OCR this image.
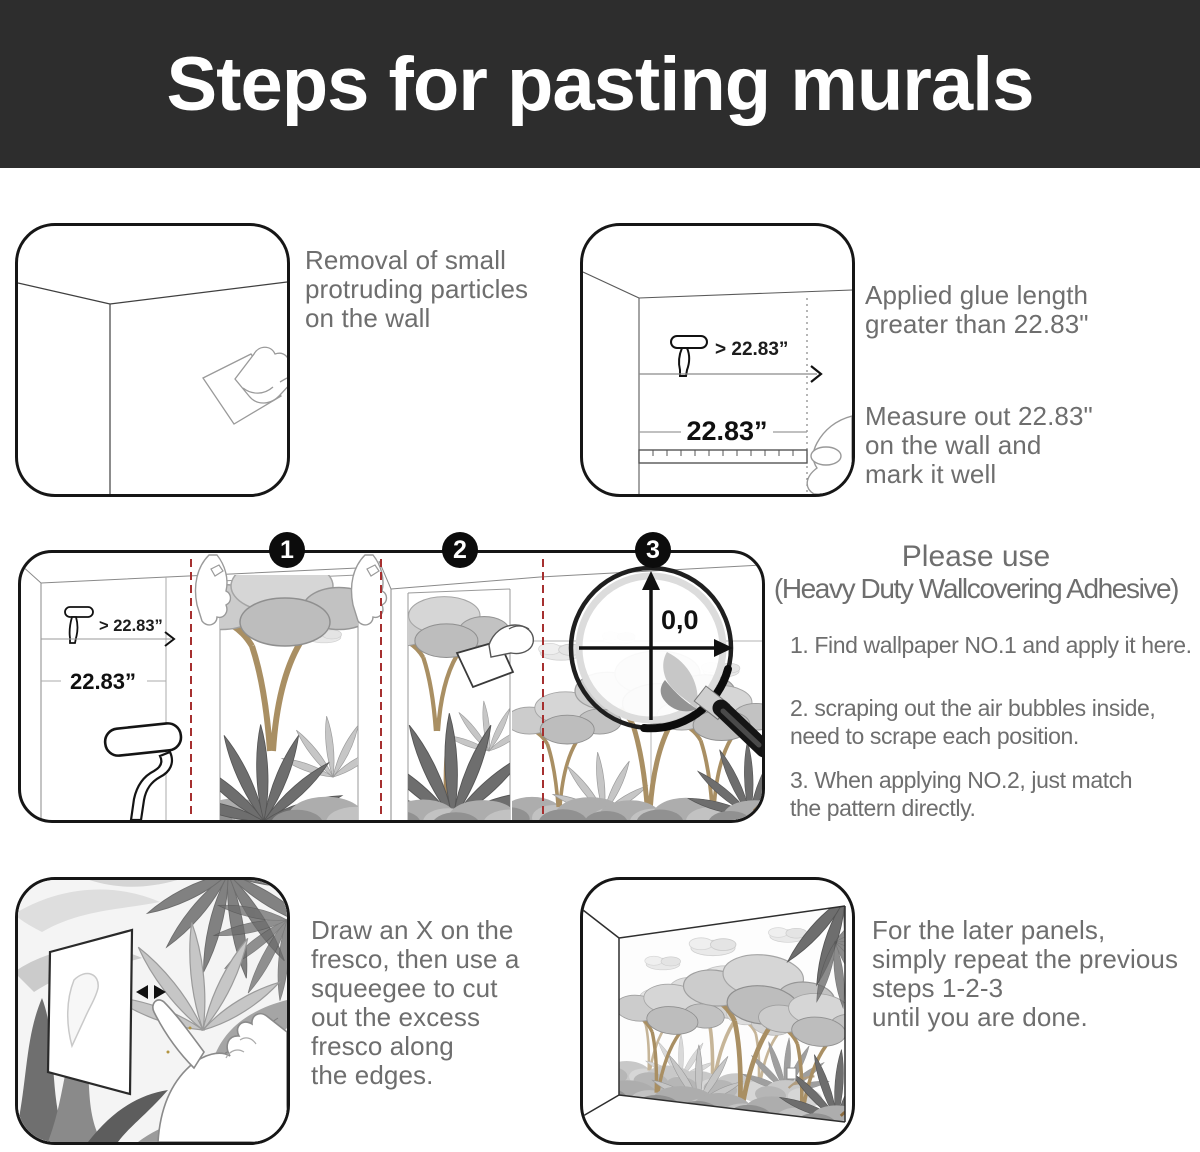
Steps for pasting murals
Removal of small
protruding particles
on the wall
> 22.83”
22.83”
Applied glue length
greater than 22.83"
Measure out 22.83"
on the wall and
mark it well
> 22.83”
22.83”
0,0
1	2	3	Please use
(Heavy Duty Wallcovering Adhesive)
1. Find wallpaper NO.1 and apply it here.
2. scraping out the air bubbles inside,
need to scrape each position.
3. When applying NO.2, just match
the pattern directly.
Draw an X on the
fresco, then use a
squeegee to cut
out the excess
fresco along
the edges.
For the later panels,
simply repeat the previous
steps 1-2-3
until you are done.
